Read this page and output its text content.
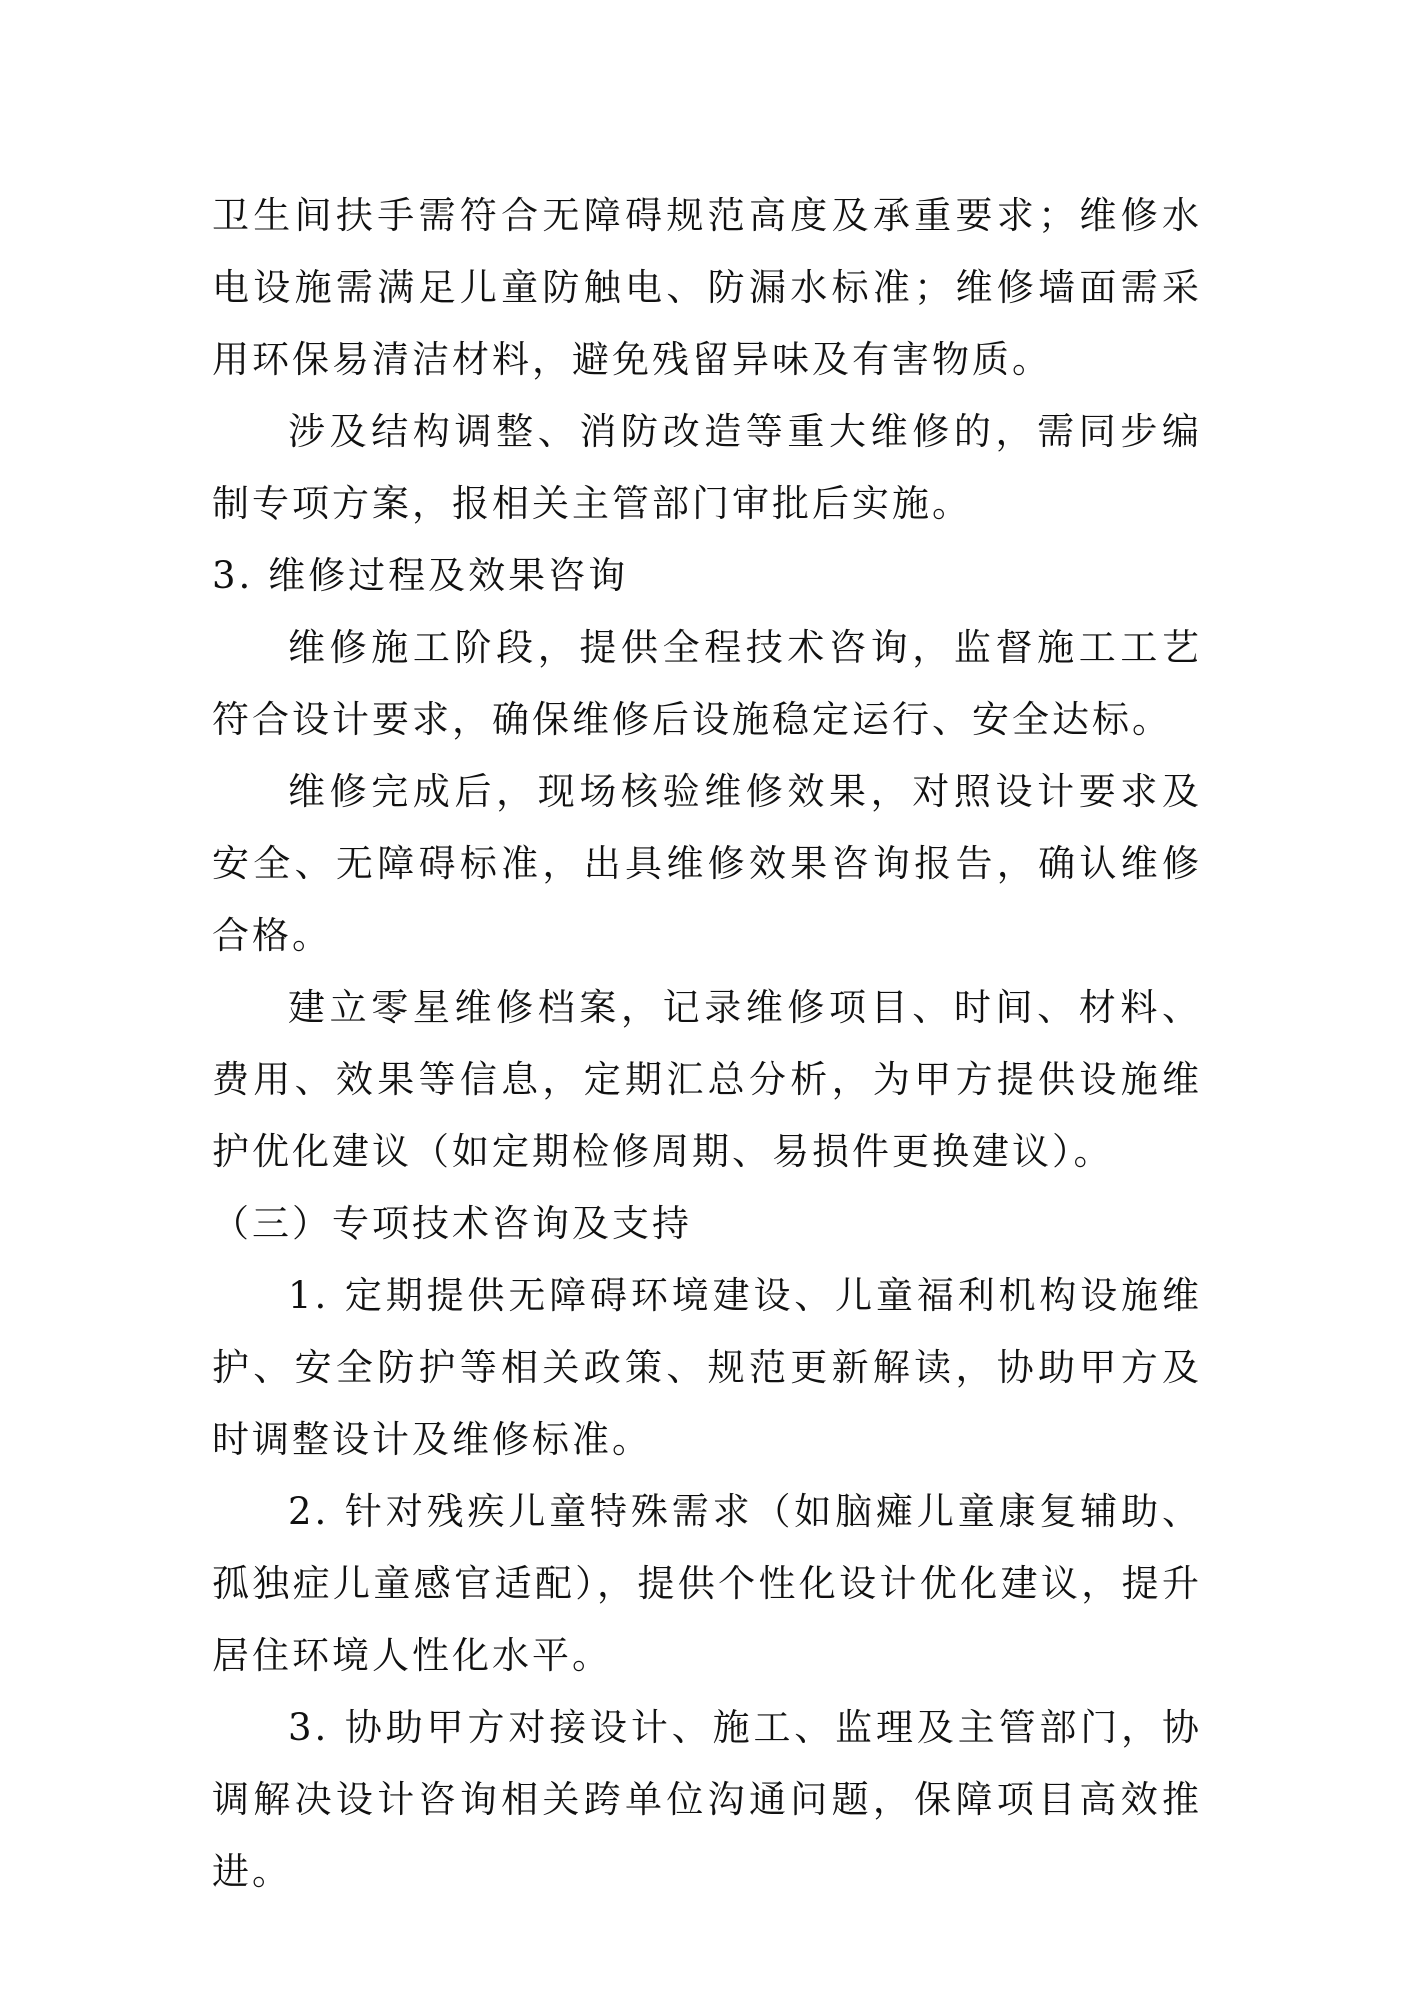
卫生间扶手需符合无障碍规范高度及承重要求；维修水电设施需满足儿童防触电、防漏水标准；维修墙面需采用环保易清洁材料，避免残留异味及有害物质。

涉及结构调整、消防改造等重大维修的，需同步编制专项方案，报相关主管部门审批后实施。

3. 维修过程及效果咨询

维修施工阶段，提供全程技术咨询，监督施工工艺符合设计要求，确保维修后设施稳定运行、安全达标。

维修完成后，现场核验维修效果，对照设计要求及安全、无障碍标准，出具维修效果咨询报告，确认维修合格。

建立零星维修档案，记录维修项目、时间、材料、费用、效果等信息，定期汇总分析，为甲方提供设施维护优化建议（如定期检修周期、易损件更换建议）。

（三）专项技术咨询及支持

1. 定期提供无障碍环境建设、儿童福利机构设施维护、安全防护等相关政策、规范更新解读，协助甲方及时调整设计及维修标准。

2. 针对残疾儿童特殊需求（如脑瘫儿童康复辅助、孤独症儿童感官适配），提供个性化设计优化建议，提升居住环境人性化水平。

3. 协助甲方对接设计、施工、监理及主管部门，协调解决设计咨询相关跨单位沟通问题，保障项目高效推进。
